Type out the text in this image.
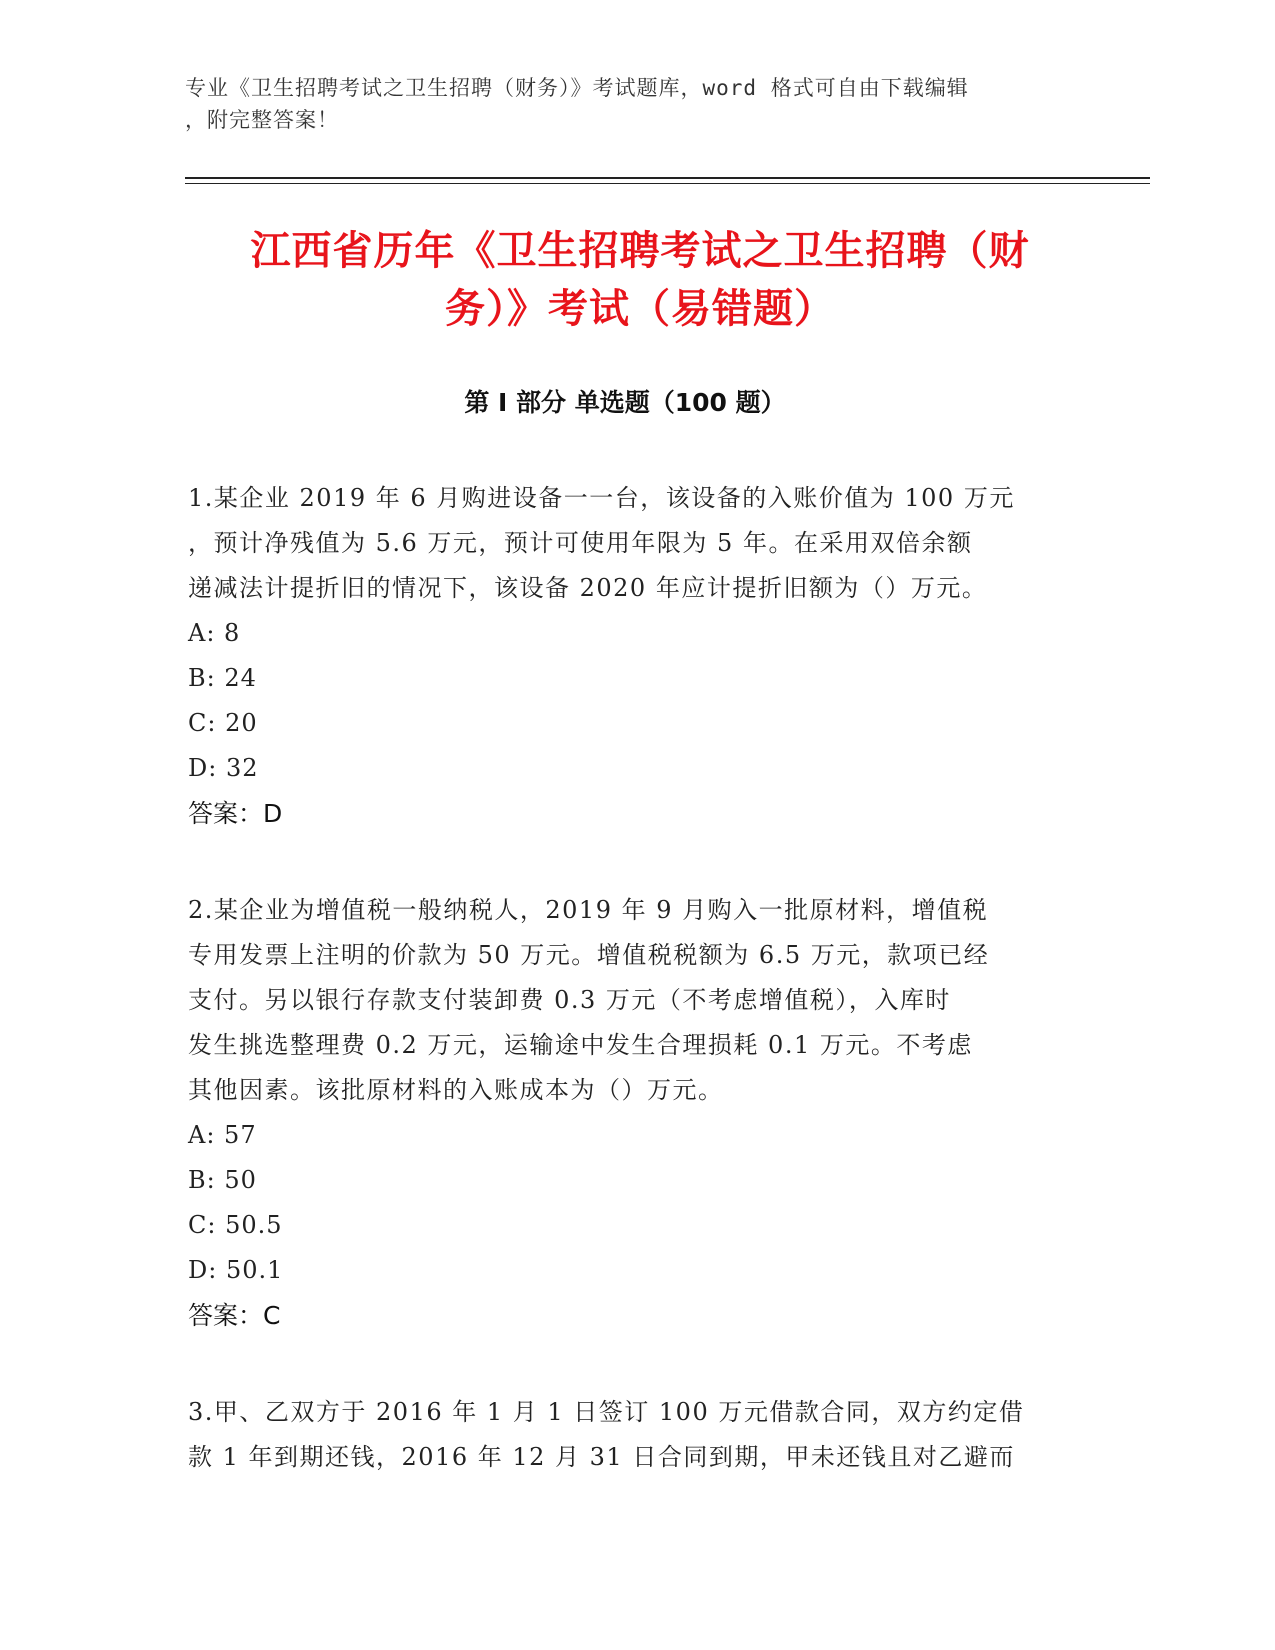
专业《卫生招聘考试之卫生招聘（财务）》考试题库，word 格式可自由下载编辑
，附完整答案！
江西省历年《卫生招聘考试之卫生招聘（财
务）》考试（易错题）
第 I 部分 单选题（100 题）
1.某企业 2019 年 6 月购进设备一一台，该设备的入账价值为 100 万元
，预计净残值为 5.6 万元，预计可使用年限为 5 年。在采用双倍余额
递减法计提折旧的情况下，该设备 2020 年应计提折旧额为（）万元。
A: 8
B: 24
C: 20
D: 32
答案：D
2.某企业为增值税一般纳税人，2019 年 9 月购入一批原材料，增值税
专用发票上注明的价款为 50 万元。增值税税额为 6.5 万元，款项已经
支付。另以银行存款支付装卸费 0.3 万元（不考虑增值税），入库时
发生挑选整理费 0.2 万元，运输途中发生合理损耗 0.1 万元。不考虑
其他因素。该批原材料的入账成本为（）万元。
A: 57
B: 50
C: 50.5
D: 50.1
答案：C
3.甲、乙双方于 2016 年 1 月 1 日签订 100 万元借款合同，双方约定借
款 1 年到期还钱，2016 年 12 月 31 日合同到期，甲未还钱且对乙避而
